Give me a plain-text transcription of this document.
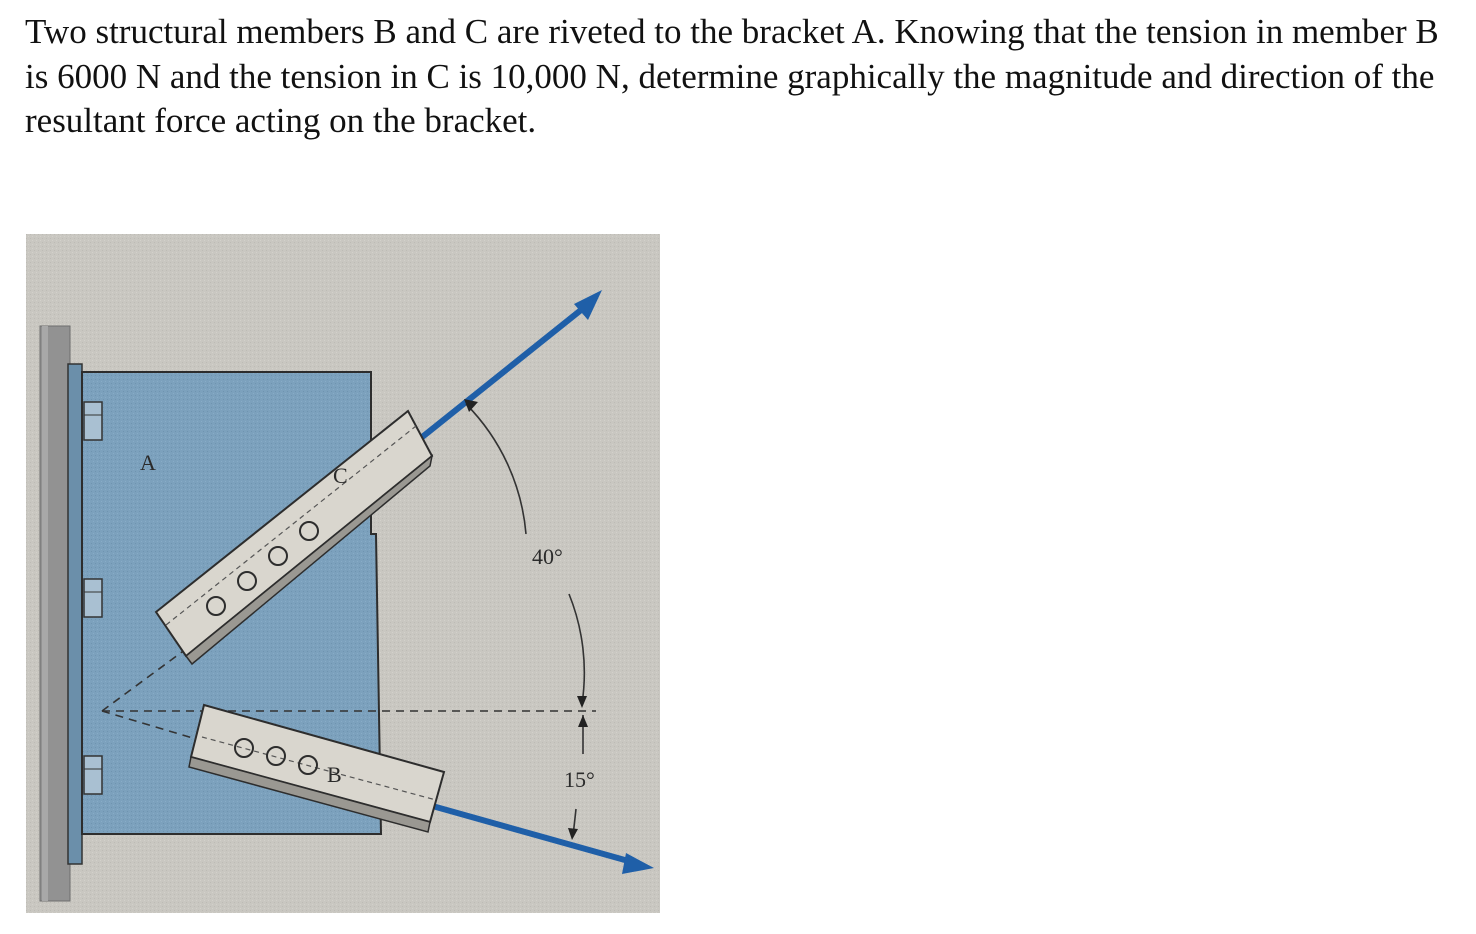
Two structural members B and C are riveted to the bracket A. Knowing that the tension in member B is 6000 N and the tension in C is 10,000 N, determine graphically the magnitude and direction of the resultant force acting on the bracket.

A
C
B
40°
15°
